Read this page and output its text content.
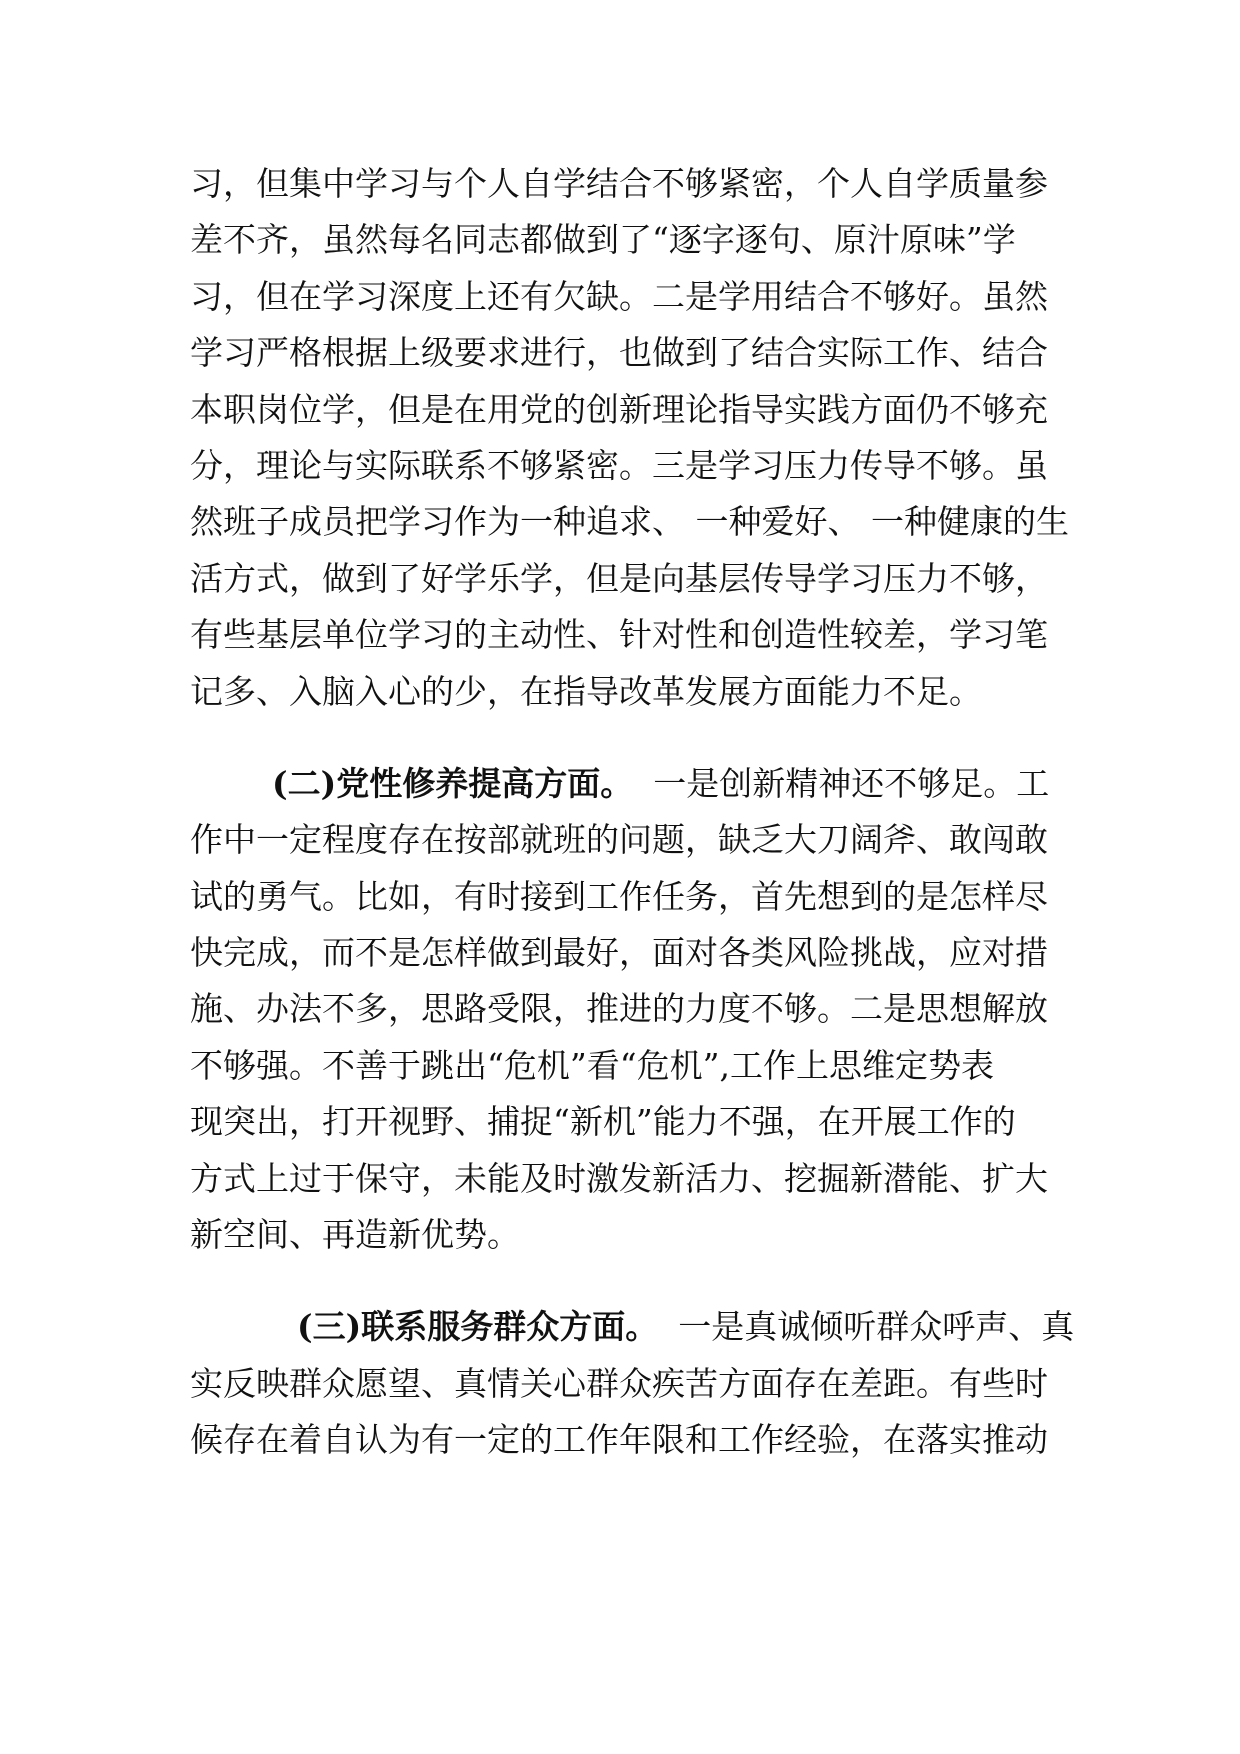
习，但集中学习与个人自学结合不够紧密，个人自学质量参
差不齐，虽然每名同志都做到了“逐字逐句、原汁原味”学
习，但在学习深度上还有欠缺。二是学用结合不够好。虽然
学习严格根据上级要求进行，也做到了结合实际工作、结合
本职岗位学，但是在用党的创新理论指导实践方面仍不够充
分，理论与实际联系不够紧密。三是学习压力传导不够。虽
然班子成员把学习作为一种追求、 一种爱好、 一种健康的生
活方式，做到了好学乐学，但是向基层传导学习压力不够，
有些基层单位学习的主动性、针对性和创造性较差，学习笔
记多、入脑入心的少，在指导改革发展方面能力不足。
(二)党性修养提高方面。 一是创新精神还不够足。工
作中一定程度存在按部就班的问题，缺乏大刀阔斧、敢闯敢
试的勇气。比如，有时接到工作任务，首先想到的是怎样尽
快完成，而不是怎样做到最好，面对各类风险挑战，应对措
施、办法不多，思路受限，推进的力度不够。二是思想解放
不够强。不善于跳出“危机”看“危机”,工作上思维定势表
现突出，打开视野、捕捉“新机”能力不强，在开展工作的
方式上过于保守，未能及时激发新活力、挖掘新潜能、扩大
新空间、再造新优势。
(三)联系服务群众方面。 一是真诚倾听群众呼声、真
实反映群众愿望、真情关心群众疾苦方面存在差距。有些时
候存在着自认为有一定的工作年限和工作经验，在落实推动
